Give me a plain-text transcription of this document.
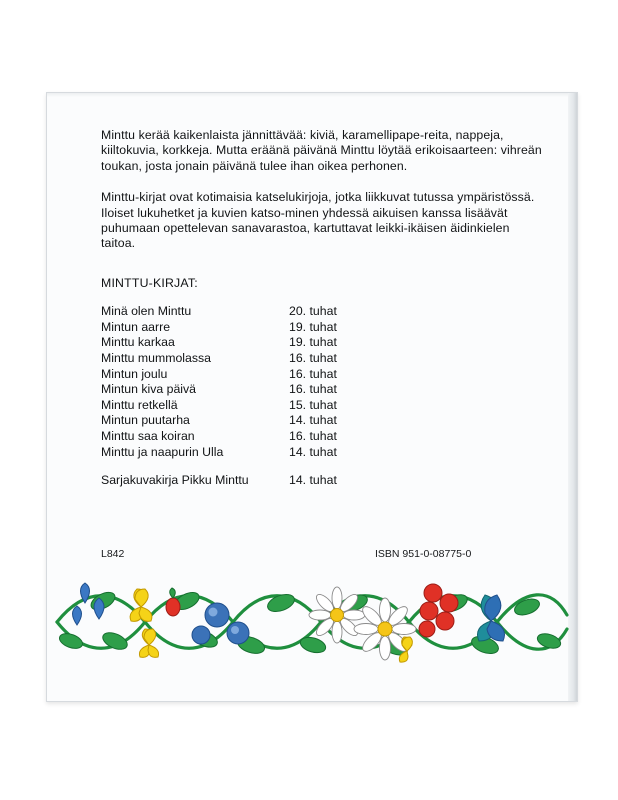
Minttu kerää kaikenlaista jännittävää: kiviä, karamellipape-reita, nappeja, kiiltokuvia, korkkeja. Mutta eräänä päivänä Minttu löytää erikoisaarteen: vihreän toukan, josta jonain päivänä tulee ihan oikea perhonen.

Minttu-kirjat ovat kotimaisia katselukirjoja, jotka liikkuvat tutussa ympäristössä. Iloiset lukuhetket ja kuvien katso-minen yhdessä aikuisen kanssa lisäävät puhumaan opettelevan sanavarastoa, kartuttavat leikki-ikäisen äidinkielen taitoa.

MINTTU-KIRJAT:
Minä olen Minttu	20. tuhat
Mintun aarre	19. tuhat
Minttu karkaa	19. tuhat
Minttu mummolassa	16. tuhat
Mintun joulu	16. tuhat
Mintun kiva päivä	16. tuhat
Minttu retkellä	15. tuhat
Mintun puutarha	14. tuhat
Minttu saa koiran	16. tuhat
Minttu ja naapurin Ulla	14. tuhat

Sarjakuvakirja Pikku Minttu	14. tuhat
L842	ISBN 951-0-08775-0
